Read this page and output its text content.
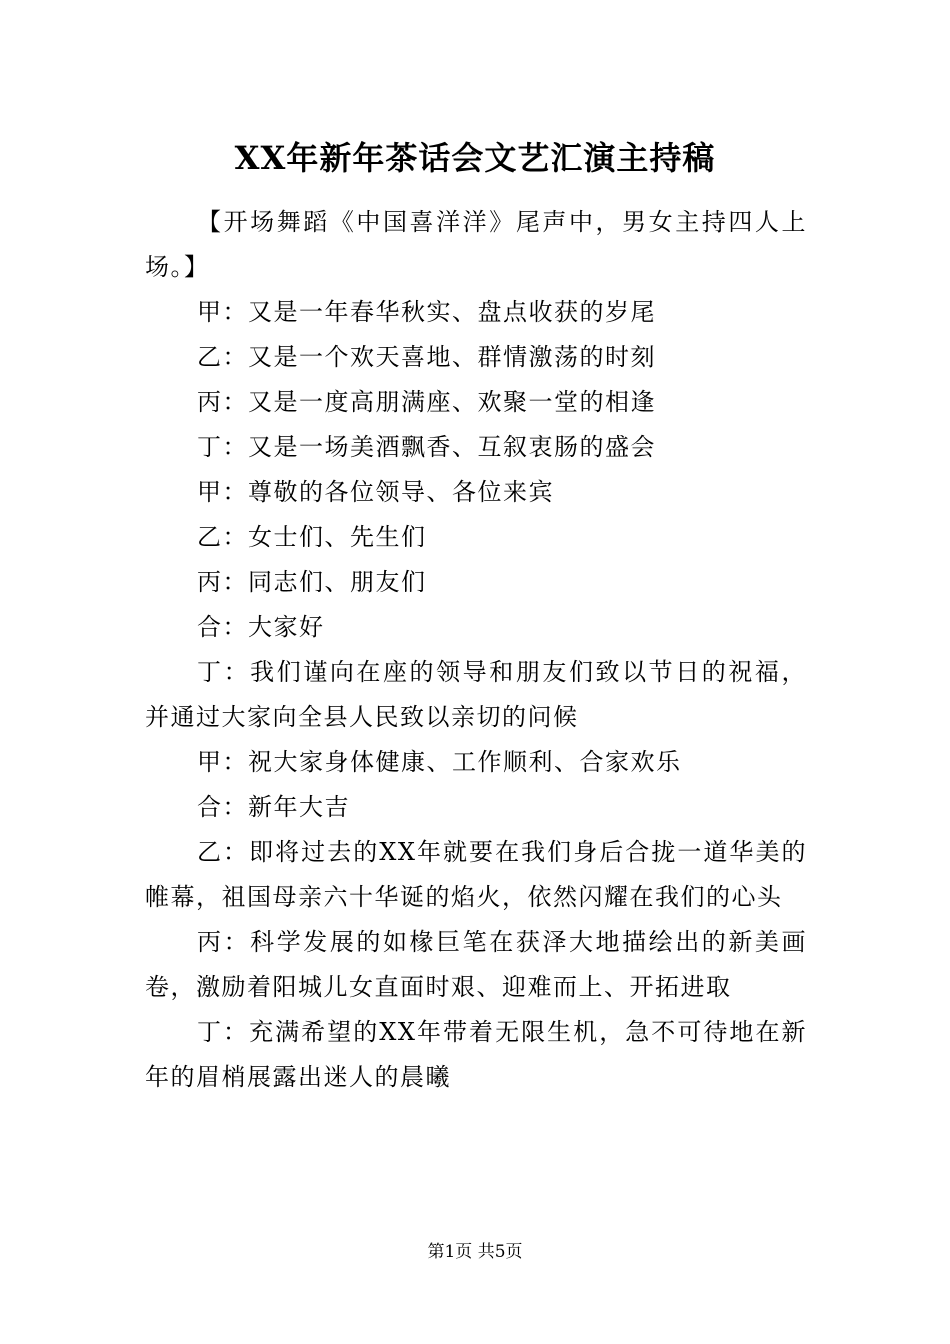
XX年新年茶话会文艺汇演主持稿

【开场舞蹈《中国喜洋洋》尾声中，男女主持四人上场。】

甲：又是一年春华秋实、盘点收获的岁尾

乙：又是一个欢天喜地、群情激荡的时刻

丙：又是一度高朋满座、欢聚一堂的相逢

丁：又是一场美酒飘香、互叙衷肠的盛会

甲：尊敬的各位领导、各位来宾

乙：女士们、先生们

丙：同志们、朋友们

合：大家好

丁：我们谨向在座的领导和朋友们致以节日的祝福，并通过大家向全县人民致以亲切的问候

甲：祝大家身体健康、工作顺利、合家欢乐

合：新年大吉

乙：即将过去的XX年就要在我们身后合拢一道华美的帷幕，祖国母亲六十华诞的焰火，依然闪耀在我们的心头

丙：科学发展的如椽巨笔在获泽大地描绘出的新美画卷，激励着阳城儿女直面时艰、迎难而上、开拓进取

丁：充满希望的XX年带着无限生机，急不可待地在新年的眉梢展露出迷人的晨曦

第1页 共5页
